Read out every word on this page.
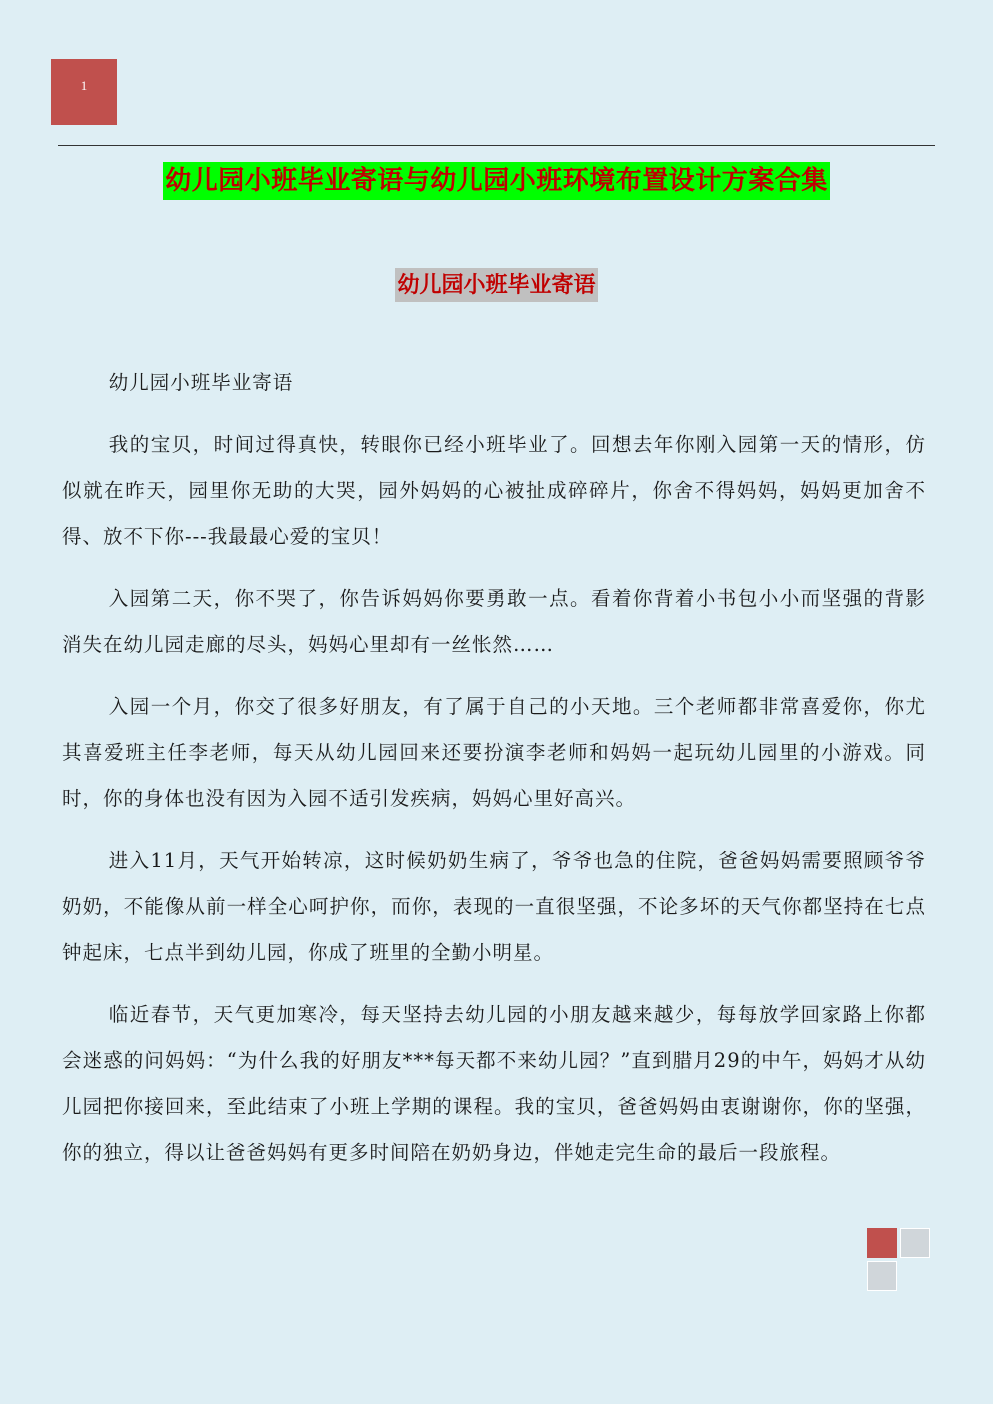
1
幼儿园小班毕业寄语与幼儿园小班环境布置设计方案合集
幼儿园小班毕业寄语

幼儿园小班毕业寄语

我的宝贝，时间过得真快，转眼你已经小班毕业了。回想去年你刚入园第一天的情形，仿似就在昨天，园里你无助的大哭，园外妈妈的心被扯成碎碎片，你舍不得妈妈，妈妈更加舍不得、放不下你---我最最心爱的宝贝！

入园第二天，你不哭了，你告诉妈妈你要勇敢一点。看着你背着小书包小小而坚强的背影消失在幼儿园走廊的尽头，妈妈心里却有一丝怅然……

入园一个月，你交了很多好朋友，有了属于自己的小天地。三个老师都非常喜爱你，你尤其喜爱班主任李老师，每天从幼儿园回来还要扮演李老师和妈妈一起玩幼儿园里的小游戏。同时，你的身体也没有因为入园不适引发疾病，妈妈心里好高兴。

进入11月，天气开始转凉，这时候奶奶生病了，爷爷也急的住院，爸爸妈妈需要照顾爷爷奶奶，不能像从前一样全心呵护你，而你，表现的一直很坚强，不论多坏的天气你都坚持在七点钟起床，七点半到幼儿园，你成了班里的全勤小明星。

临近春节，天气更加寒冷，每天坚持去幼儿园的小朋友越来越少，每每放学回家路上你都会迷惑的问妈妈：“为什么我的好朋友***每天都不来幼儿园？”直到腊月29的中午，妈妈才从幼儿园把你接回来，至此结束了小班上学期的课程。我的宝贝，爸爸妈妈由衷谢谢你，你的坚强，你的独立，得以让爸爸妈妈有更多时间陪在奶奶身边，伴她走完生命的最后一段旅程。
